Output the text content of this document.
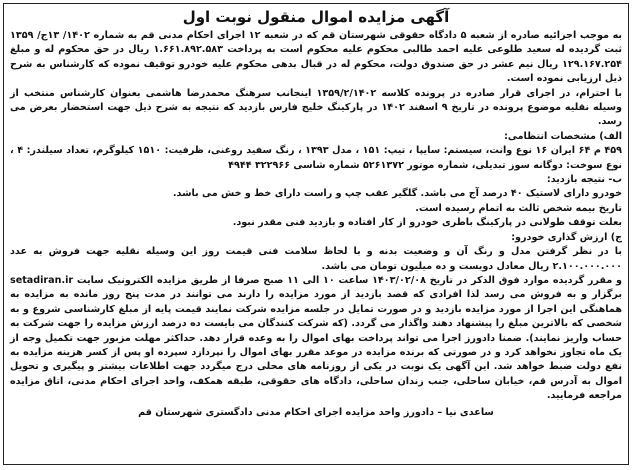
آگهی مزایده اموال منقول نوبت اول

به موجب اجرائیه صادره از شعبه ۵ دادگاه حقوقی شهرستان قم که در شعبه ۱۲ اجرای احکام مدنی قم به شماره ۱۴۰۲/ ۱۳ج/ ۱۳۵۹ ثبت گردیده له سعید طلوعی علیه احمد طالبی محکوم علیه محکوم است به پرداخت ۱.۶۶۱.۸۹۲.۵۸۳ ریال در حق محکوم له و مبلغ ۱۲۹.۱۶۷.۲۵۴ ریال نیم عشر در حق صندوق دولت، محکوم له در قبال بدهی محکوم علیه خودرو توقیف نموده که کارشناس به شرح ذیل ارزیابی نموده است.

با احترام، در اجرای قرار صادره در پرونده کلاسه ۱۳۵۹/۲/۱۴۰۲ اینجانب سرهنگ محمدرضا هاشمی بعنوان کارشناس منتخب از وسیله نقلیه موضوع پرونده در تاریخ ۹ اسفند ۱۴۰۲ در پارکینگ خلیج فارس بازدید که نتیجه به شرح ذیل جهت استحضار بعرض می رسد.

الف) مشخصات انتظامی:

۴۵۹ م ۶۴ ایران ۱۶ نوع وانت، سیستم: سایپا ، تیپ: ۱۵۱ ، مدل ۱۳۹۳ ، رنگ سفید روغنی، ظرفیت: ۱۵۱۰ کیلوگرم، تعداد سیلندر: ۴ ، نوع سوخت: دوگانه سوز تبدیلی، شماره موتور ۵۲۶۱۳۷۲ شماره شاسی ۳۲۲۹۶۶ ۴۹۴۴

ب- نتیجه بازدید:

خودرو دارای لاستیک ۴۰ درصد آج می باشد. گلگیر عقب چپ و راست دارای خط و خش می باشد.

تاریخ بیمه شخص ثالث به اتمام رسیده است.

بعلت توقف طولانی در پارکینگ باطری خودرو از کار افتاده و بازدید فنی مقدر نبود.

ج) ارزش گذاری خودرو:

با در نظر گرفتن مدل و رنگ آن و وضعیت بدنه و با لحاظ سلامت فنی قیمت روز این وسیله نقلیه جهت فروش به عدد ۲.۱۰۰.۰۰۰.۰۰۰ ریال معادل دویست و ده میلیون تومان می باشد.

و مقرر گردیده موارد فوق الذکر در تاریخ ۱۴۰۳/۰۲/۰۸ ساعت ۱۰ الی ۱۱ صبح صرفا از طریق مزایده الکترونیک سایت setadiran.ir برگزار و به فروش می رسد لذا افرادی که قصد بازدید از مورد مزایده را دارند می توانند در مدت پنج روز مانده به مزایده به هماهنگی این اجرا از مورد مزایده بازدید و در صورت تمایل در جلسه مزایده شرکت نمایند قیمت پایه از مبلغ کارشناسی شروع و به شخصی که بالاترین مبلغ را پیشنهاد دهند واگذار می گردد. (که شرکت کنندگان می بایست ده درصد ارزش مزایده را جهت شرکت به حساب واریز نمایند). ضمنا دادورز اجرا می تواند پرداخت بهای اموال را به وعده قرار دهد. حداکثر مهلت مزبور جهت تکمیل وجه از یک ماه تجاوز نخواهد کرد و در صورتی که برنده مزایده در موعد مقرر بهای اموال را نپردازد سپرده او پس از کسر هزینه مزایده به نفع دولت ضبط خواهد شد. این آگهی یک نوبت در یکی از روزنامه های محلی درج میگردد جهت اطلاعات بیشتر و پیگیری و تحویل اموال به آدرس قم، خیابان ساحلی، جنب زندان ساحلی، دادگاه های حقوقی، طبقه همکف، واحد اجرای احکام مدنی، اتاق مزایده مراجعه فرمایید.

ساعدی نیا – دادورز واحد مزایده اجرای احکام مدنی دادگستری شهرستان قم
